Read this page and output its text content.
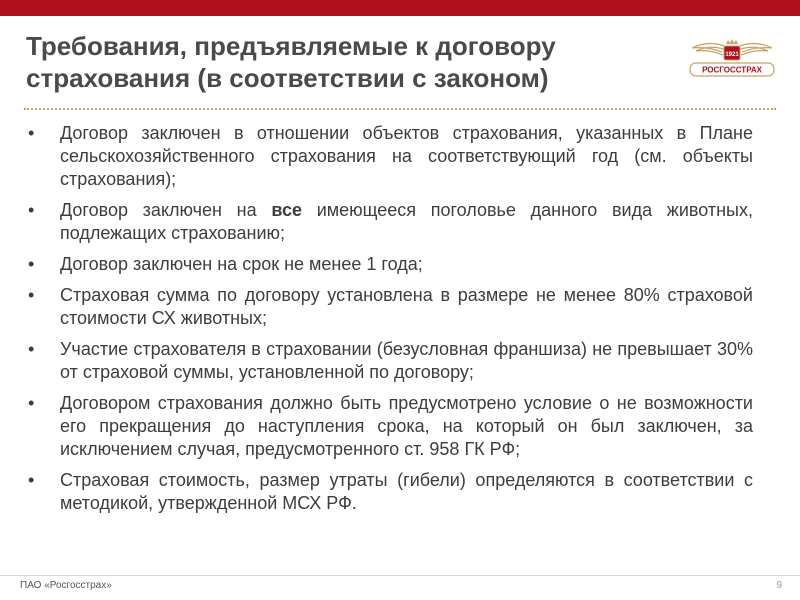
Требования, предъявляемые к договору страхования (в соответствии с законом)
1921
РОСГОССТРАХ
•	Договор заключен в отношении объектов страхования, указанных в Плане сельскохозяйственного страхования на соответствующий год (см. объекты страхования);
•	Договор заключен на все имеющееся поголовье данного вида животных, подлежащих страхованию;
•	Договор заключен на срок не менее 1 года;
•	Страховая сумма по договору установлена в размере не менее 80% страховой стоимости СХ животных;
•	Участие страхователя в страховании (безусловная франшиза) не превышает 30% от страховой суммы, установленной по договору;
•	Договором страхования должно быть предусмотрено условие о не возможности его прекращения до наступления срока, на который он был заключен, за исключением случая, предусмотренного ст. 958 ГК РФ;
•	Страховая стоимость, размер утраты (гибели) определяются в соответствии с методикой, утвержденной МСХ РФ.
ПАО «Росгосстрах»	9
